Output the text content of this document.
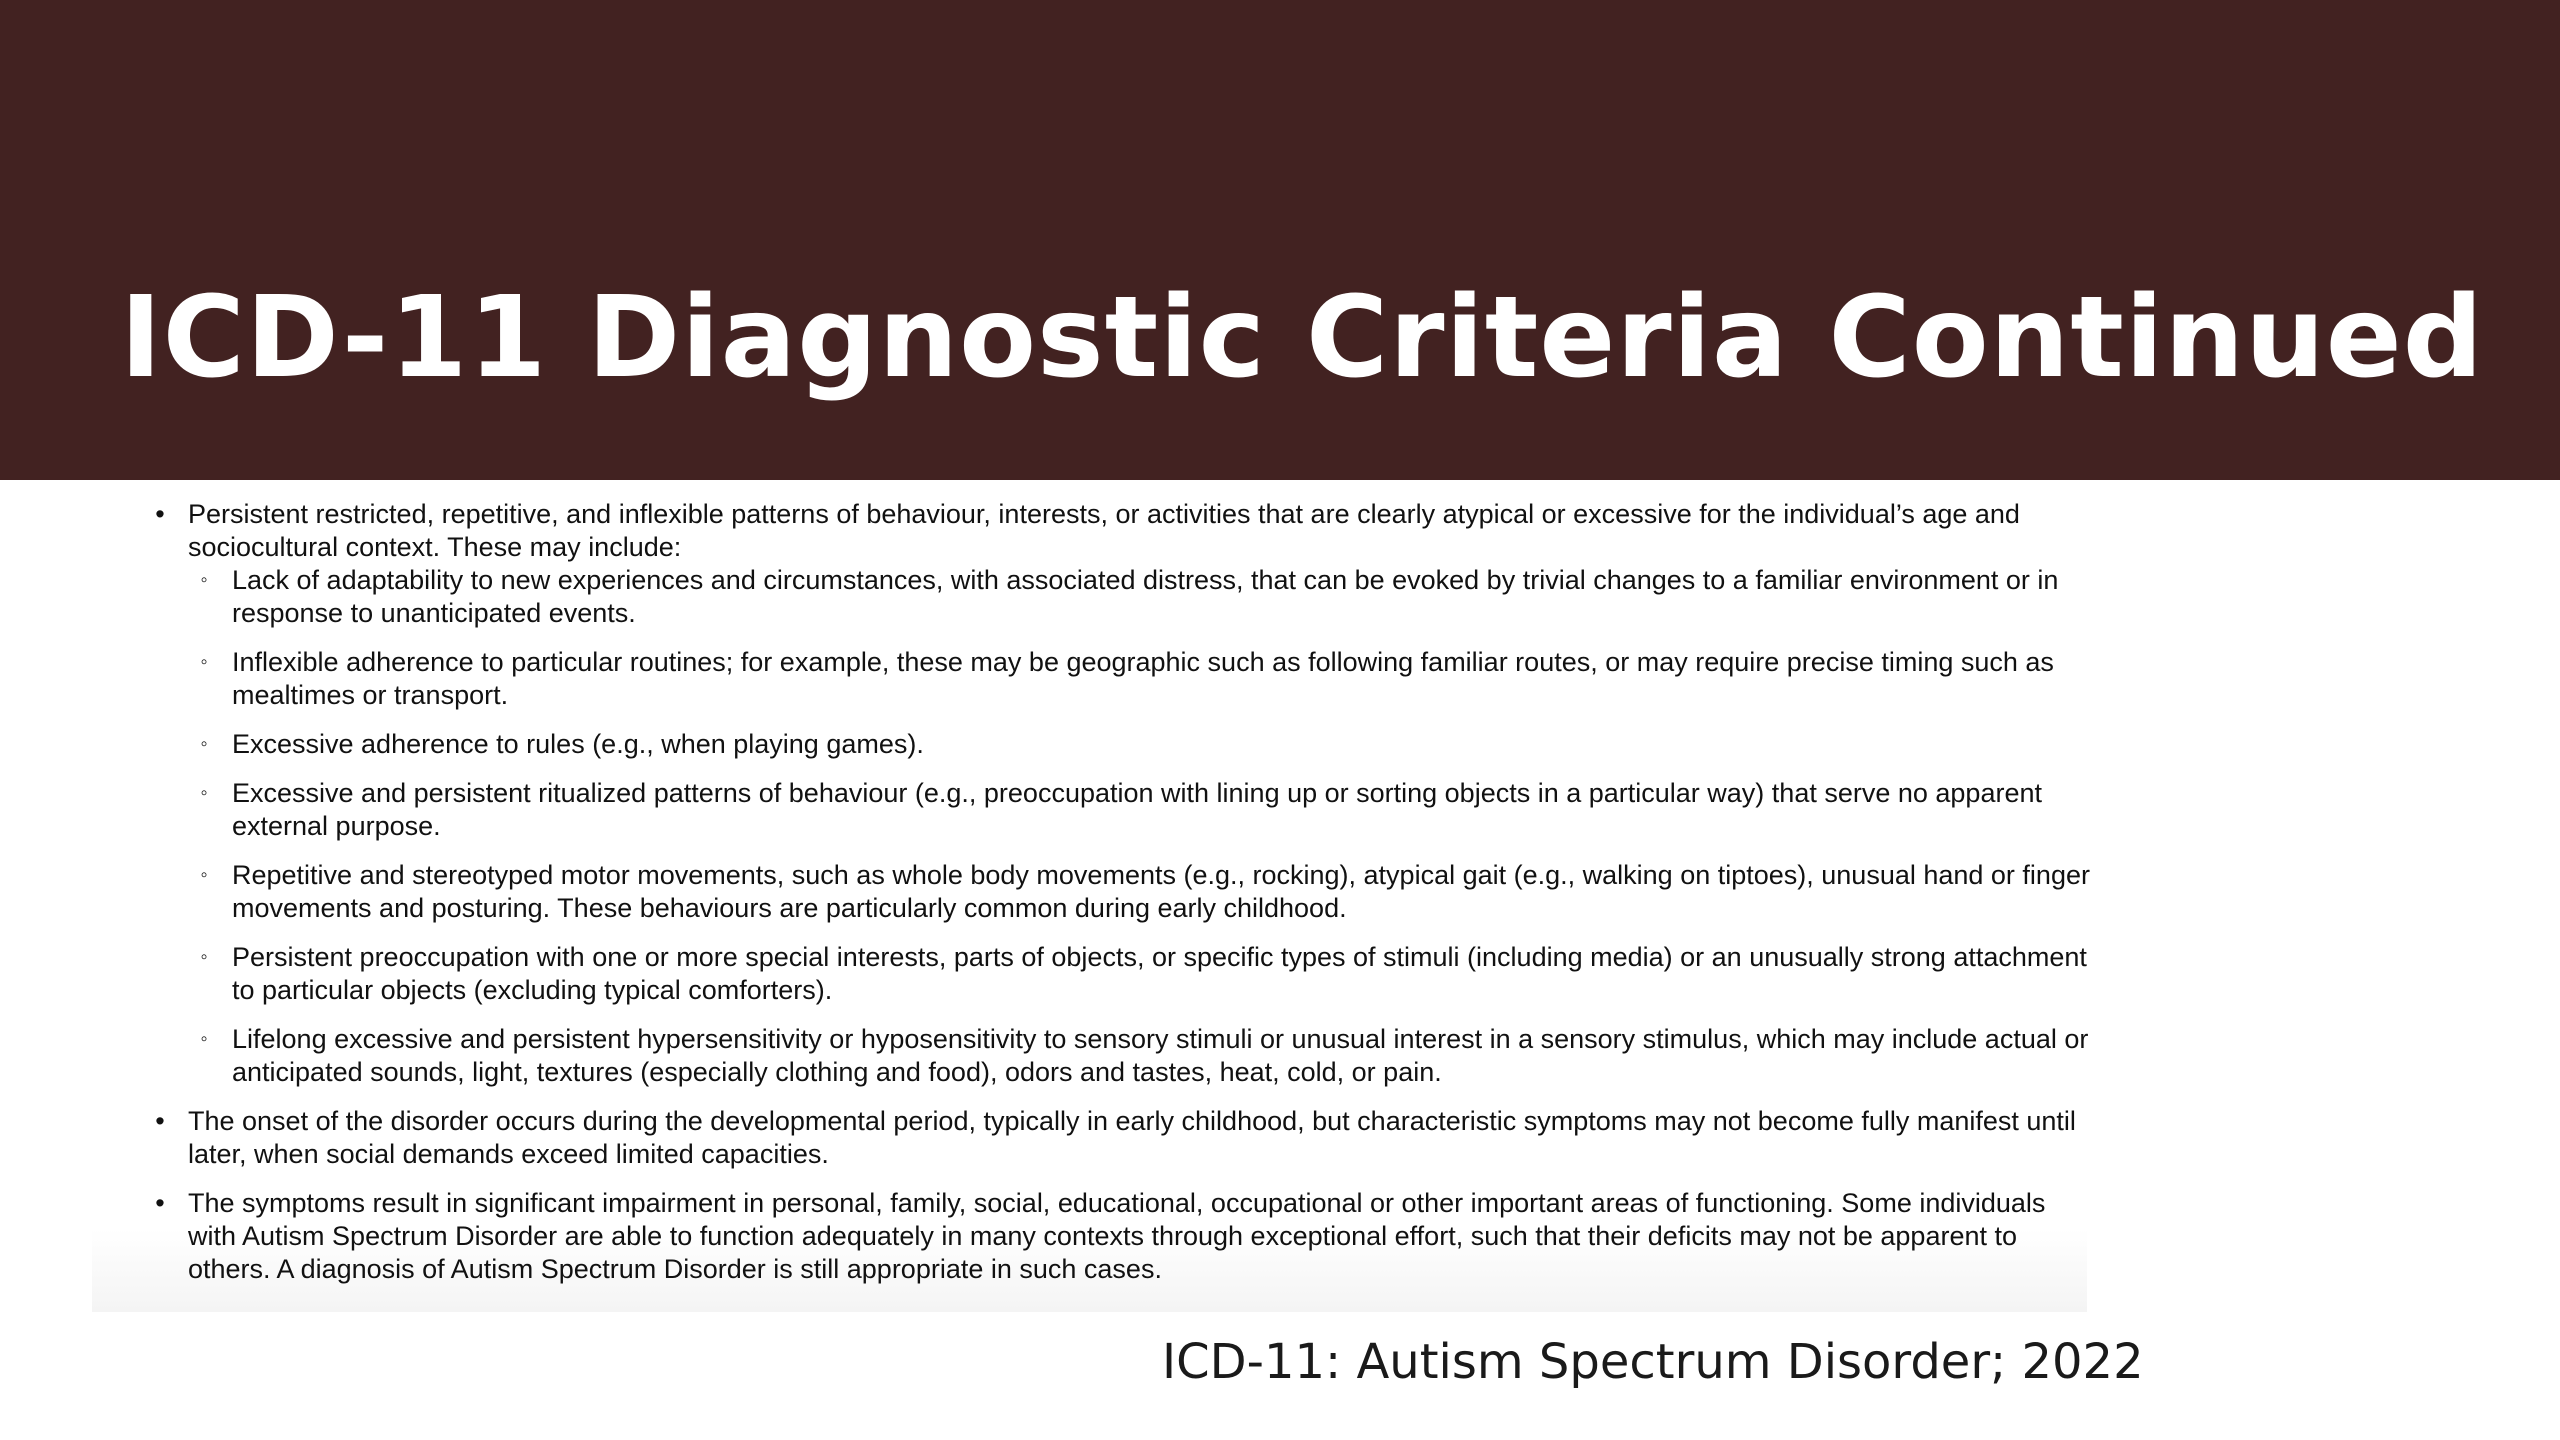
ICD-11 Diagnostic Criteria Continued
• Persistent restricted, repetitive, and inflexible patterns of behaviour, interests, or activities that are clearly atypical or excessive for the individual’s age and sociocultural context. These may include:
◦ Lack of adaptability to new experiences and circumstances, with associated distress, that can be evoked by trivial changes to a familiar environment or in response to unanticipated events.
◦ Inflexible adherence to particular routines; for example, these may be geographic such as following familiar routes, or may require precise timing such as mealtimes or transport.
◦ Excessive adherence to rules (e.g., when playing games).
◦ Excessive and persistent ritualized patterns of behaviour (e.g., preoccupation with lining up or sorting objects in a particular way) that serve no apparent external purpose.
◦ Repetitive and stereotyped motor movements, such as whole body movements (e.g., rocking), atypical gait (e.g., walking on tiptoes), unusual hand or finger movements and posturing. These behaviours are particularly common during early childhood.
◦ Persistent preoccupation with one or more special interests, parts of objects, or specific types of stimuli (including media) or an unusually strong attachment to particular objects (excluding typical comforters).
◦ Lifelong excessive and persistent hypersensitivity or hyposensitivity to sensory stimuli or unusual interest in a sensory stimulus, which may include actual or anticipated sounds, light, textures (especially clothing and food), odors and tastes, heat, cold, or pain.
• The onset of the disorder occurs during the developmental period, typically in early childhood, but characteristic symptoms may not become fully manifest until later, when social demands exceed limited capacities.
• The symptoms result in significant impairment in personal, family, social, educational, occupational or other important areas of functioning. Some individuals with Autism Spectrum Disorder are able to function adequately in many contexts through exceptional effort, such that their deficits may not be apparent to others. A diagnosis of Autism Spectrum Disorder is still appropriate in such cases.
ICD-11: Autism Spectrum Disorder; 2022
